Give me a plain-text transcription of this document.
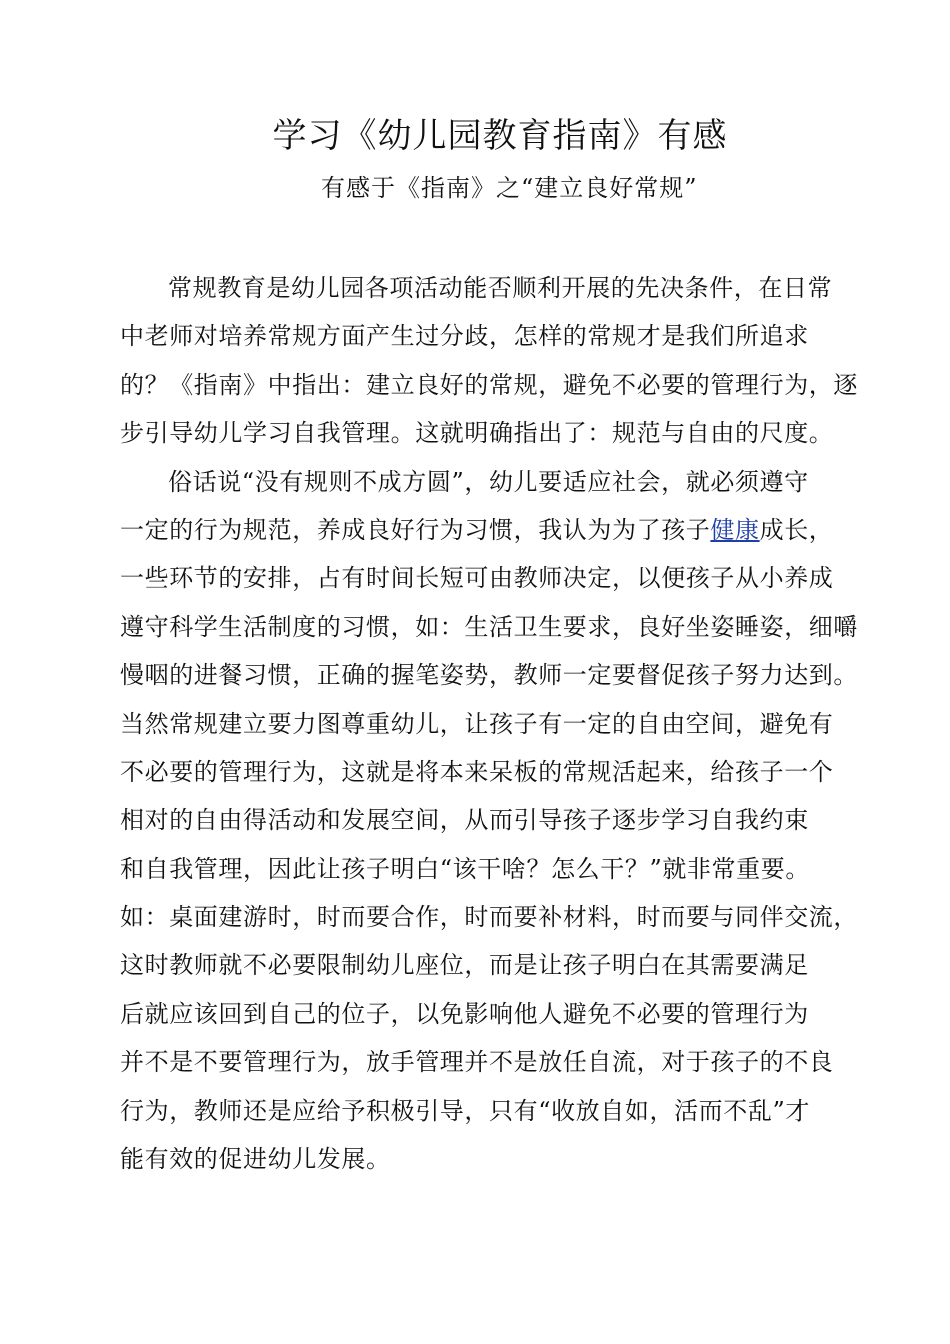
学习《幼儿园教育指南》有感
有感于《指南》之“建立良好常规”
常规教育是幼儿园各项活动能否顺利开展的先决条件，在日常
中老师对培养常规方面产生过分歧，怎样的常规才是我们所追求
的？《指南》中指出：建立良好的常规，避免不必要的管理行为，逐
步引导幼儿学习自我管理。这就明确指出了：规范与自由的尺度。
俗话说“没有规则不成方圆”，幼儿要适应社会，就必须遵守
一定的行为规范，养成良好行为习惯，我认为为了孩子健康成长，
一些环节的安排，占有时间长短可由教师决定，以便孩子从小养成
遵守科学生活制度的习惯，如：生活卫生要求，良好坐姿睡姿，细嚼
慢咽的进餐习惯，正确的握笔姿势，教师一定要督促孩子努力达到。
当然常规建立要力图尊重幼儿，让孩子有一定的自由空间，避免有
不必要的管理行为，这就是将本来呆板的常规活起来，给孩子一个
相对的自由得活动和发展空间，从而引导孩子逐步学习自我约束
和自我管理，因此让孩子明白“该干啥？怎么干？”就非常重要。
如：桌面建游时，时而要合作，时而要补材料，时而要与同伴交流，
这时教师就不必要限制幼儿座位，而是让孩子明白在其需要满足
后就应该回到自己的位子，以免影响他人避免不必要的管理行为
并不是不要管理行为，放手管理并不是放任自流，对于孩子的不良
行为，教师还是应给予积极引导，只有“收放自如，活而不乱”才
能有效的促进幼儿发展。
